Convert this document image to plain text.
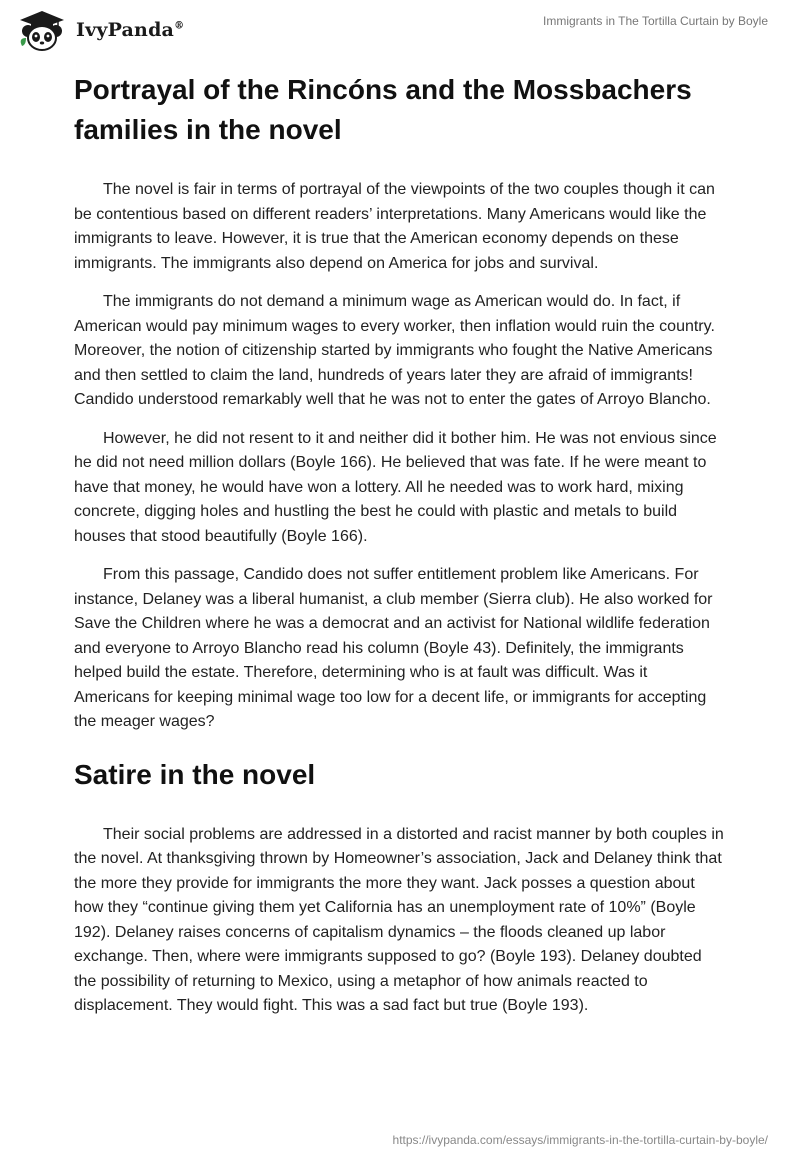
IvyPanda®	Immigrants in The Tortilla Curtain by Boyle
Portrayal of the Rincóns and the Mossbachers families in the novel

The novel is fair in terms of portrayal of the viewpoints of the two couples though it can be contentious based on different readers’ interpretations. Many Americans would like the immigrants to leave. However, it is true that the American economy depends on these immigrants. The immigrants also depend on America for jobs and survival.

The immigrants do not demand a minimum wage as American would do. In fact, if American would pay minimum wages to every worker, then inflation would ruin the country. Moreover, the notion of citizenship started by immigrants who fought the Native Americans and then settled to claim the land, hundreds of years later they are afraid of immigrants! Candido understood remarkably well that he was not to enter the gates of Arroyo Blancho.

However, he did not resent to it and neither did it bother him. He was not envious since he did not need million dollars (Boyle 166). He believed that was fate. If he were meant to have that money, he would have won a lottery. All he needed was to work hard, mixing concrete, digging holes and hustling the best he could with plastic and metals to build houses that stood beautifully (Boyle 166).

From this passage, Candido does not suffer entitlement problem like Americans. For instance, Delaney was a liberal humanist, a club member (Sierra club). He also worked for Save the Children where he was a democrat and an activist for National wildlife federation and everyone to Arroyo Blancho read his column (Boyle 43). Definitely, the immigrants helped build the estate. Therefore, determining who is at fault was difficult. Was it Americans for keeping minimal wage too low for a decent life, or immigrants for accepting the meager wages?

Satire in the novel

Their social problems are addressed in a distorted and racist manner by both couples in the novel. At thanksgiving thrown by Homeowner’s association, Jack and Delaney think that the more they provide for immigrants the more they want. Jack posses a question about how they “continue giving them yet California has an unemployment rate of 10%” (Boyle 192). Delaney raises concerns of capitalism dynamics – the floods cleaned up labor exchange. Then, where were immigrants supposed to go? (Boyle 193). Delaney doubted the possibility of returning to Mexico, using a metaphor of how animals reacted to displacement. They would fight. This was a sad fact but true (Boyle 193).

https://ivypanda.com/essays/immigrants-in-the-tortilla-curtain-by-boyle/
